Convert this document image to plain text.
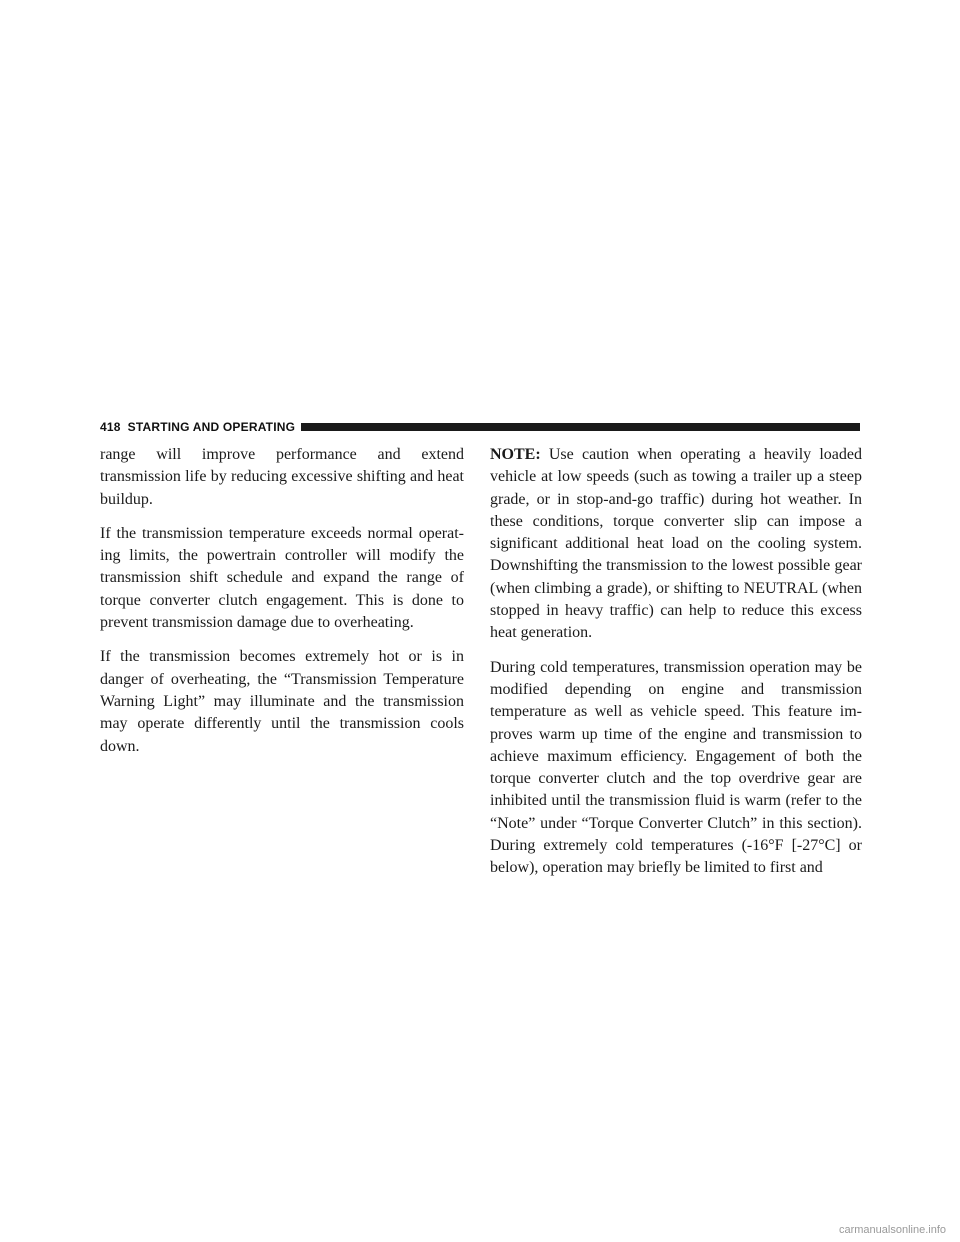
418 STARTING AND OPERATING

range will improve performance and extend transmission life by reducing excessive shifting and heat buildup.

If the transmission temperature exceeds normal operat-ing limits, the powertrain controller will modify the transmission shift schedule and expand the range of torque converter clutch engagement. This is done to prevent transmission damage due to overheating.

If the transmission becomes extremely hot or is in danger of overheating, the “Transmission Temperature Warning Light” may illuminate and the transmission may operate differently until the transmission cools down.

NOTE: Use caution when operating a heavily loaded vehicle at low speeds (such as towing a trailer up a steep grade, or in stop-and-go traffic) during hot weather. In these conditions, torque converter slip can impose a significant additional heat load on the cooling system. Downshifting the transmission to the lowest possible gear (when climbing a grade), or shifting to NEUTRAL (when stopped in heavy traffic) can help to reduce this excess heat generation.

During cold temperatures, transmission operation may be modified depending on engine and transmission temperature as well as vehicle speed. This feature im-proves warm up time of the engine and transmission to achieve maximum efficiency. Engagement of both the torque converter clutch and the top overdrive gear are inhibited until the transmission fluid is warm (refer to the “Note” under “Torque Converter Clutch” in this section). During extremely cold temperatures (-16°F [-27°C] or below), operation may briefly be limited to first and

carmanualsonline.info
